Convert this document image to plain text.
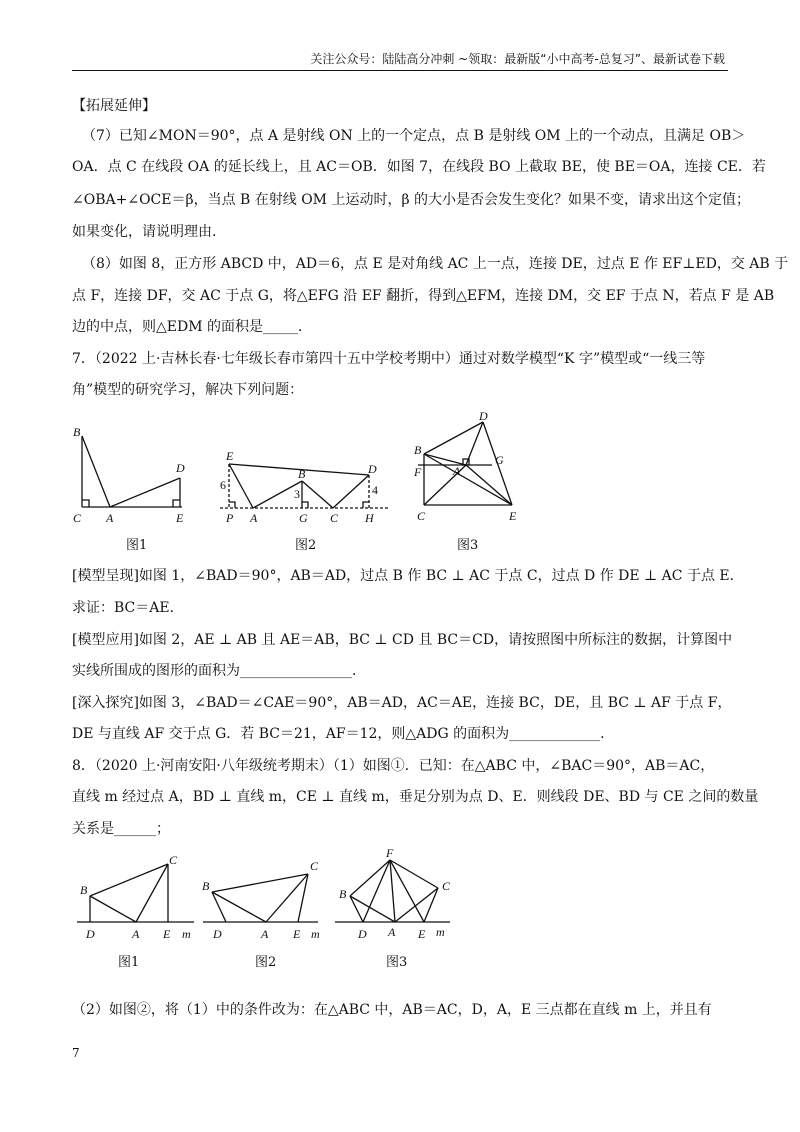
关注公众号：陆陆高分冲刺 ~领取：最新版“小中高考-总复习”、最新试卷下载
【拓展延伸】
（7）已知∠MON＝90°，点 A 是射线 ON 上的一个定点，点 B 是射线 OM 上的一个动点，且满足 OB＞
OA．点 C 在线段 OA 的延长线上，且 AC＝OB．如图 7，在线段 BO 上截取 BE，使 BE＝OA，连接 CE．若
∠OBA+∠OCE＝β，当点 B 在射线 OM 上运动时，β 的大小是否会发生变化？如果不变，请求出这个定值；
如果变化，请说明理由．
（8）如图 8，正方形 ABCD 中，AD＝6，点 E 是对角线 AC 上一点，连接 DE，过点 E 作 EF⊥ED，交 AB 于
点 F，连接 DF，交 AC 于点 G，将△EFG 沿 EF 翻折，得到△EFM，连接 DM，交 EF 于点 N，若点 F 是 AB
边的中点，则△EDM 的面积是_____．
7．（2022 上·吉林长春·七年级长春市第四十五中学校考期中）通过对数学模型“K 字”模型或“一线三等
角”模型的研究学习，解决下列问题：
B
D
C A	E
图1
E
B	D
6
3	4
P A	G C H
图2
D
B
G
F	A
C	E
图3
[模型呈现]如图 1，∠BAD＝90°，AB＝AD，过点 B 作 BC ⊥ AC 于点 C，过点 D 作 DE ⊥ AC 于点 E．
求证：BC＝AE．
[模型应用]如图 2，AE ⊥ AB 且 AE＝AB，BC ⊥ CD 且 BC＝CD，请按照图中所标注的数据，计算图中
实线所围成的图形的面积为________________．
[深入探究]如图 3，∠BAD＝∠CAE＝90°，AB＝AD，AC＝AE，连接 BC，DE，且 BC ⊥ AF 于点 F，
DE 与直线 AF 交于点 G．若 BC＝21，AF＝12，则△ADG 的面积为_____________．
8．（2020 上·河南安阳·八年级统考期末）（1）如图①．已知：在△ABC 中，∠BAC＝90°，AB＝AC，
直线 m 经过点 A，BD ⊥ 直线 m，CE ⊥ 直线 m，垂足分别为点 D、E．则线段 DE、BD 与 CE 之间的数量
关系是______；
C
B
D	A E m
图1
C
B
D	A E m
图2
F
B
C
D A E m
图3
（2）如图②，将（1）中的条件改为：在△ABC 中，AB＝AC，D，A，E 三点都在直线 m 上，并且有
7
